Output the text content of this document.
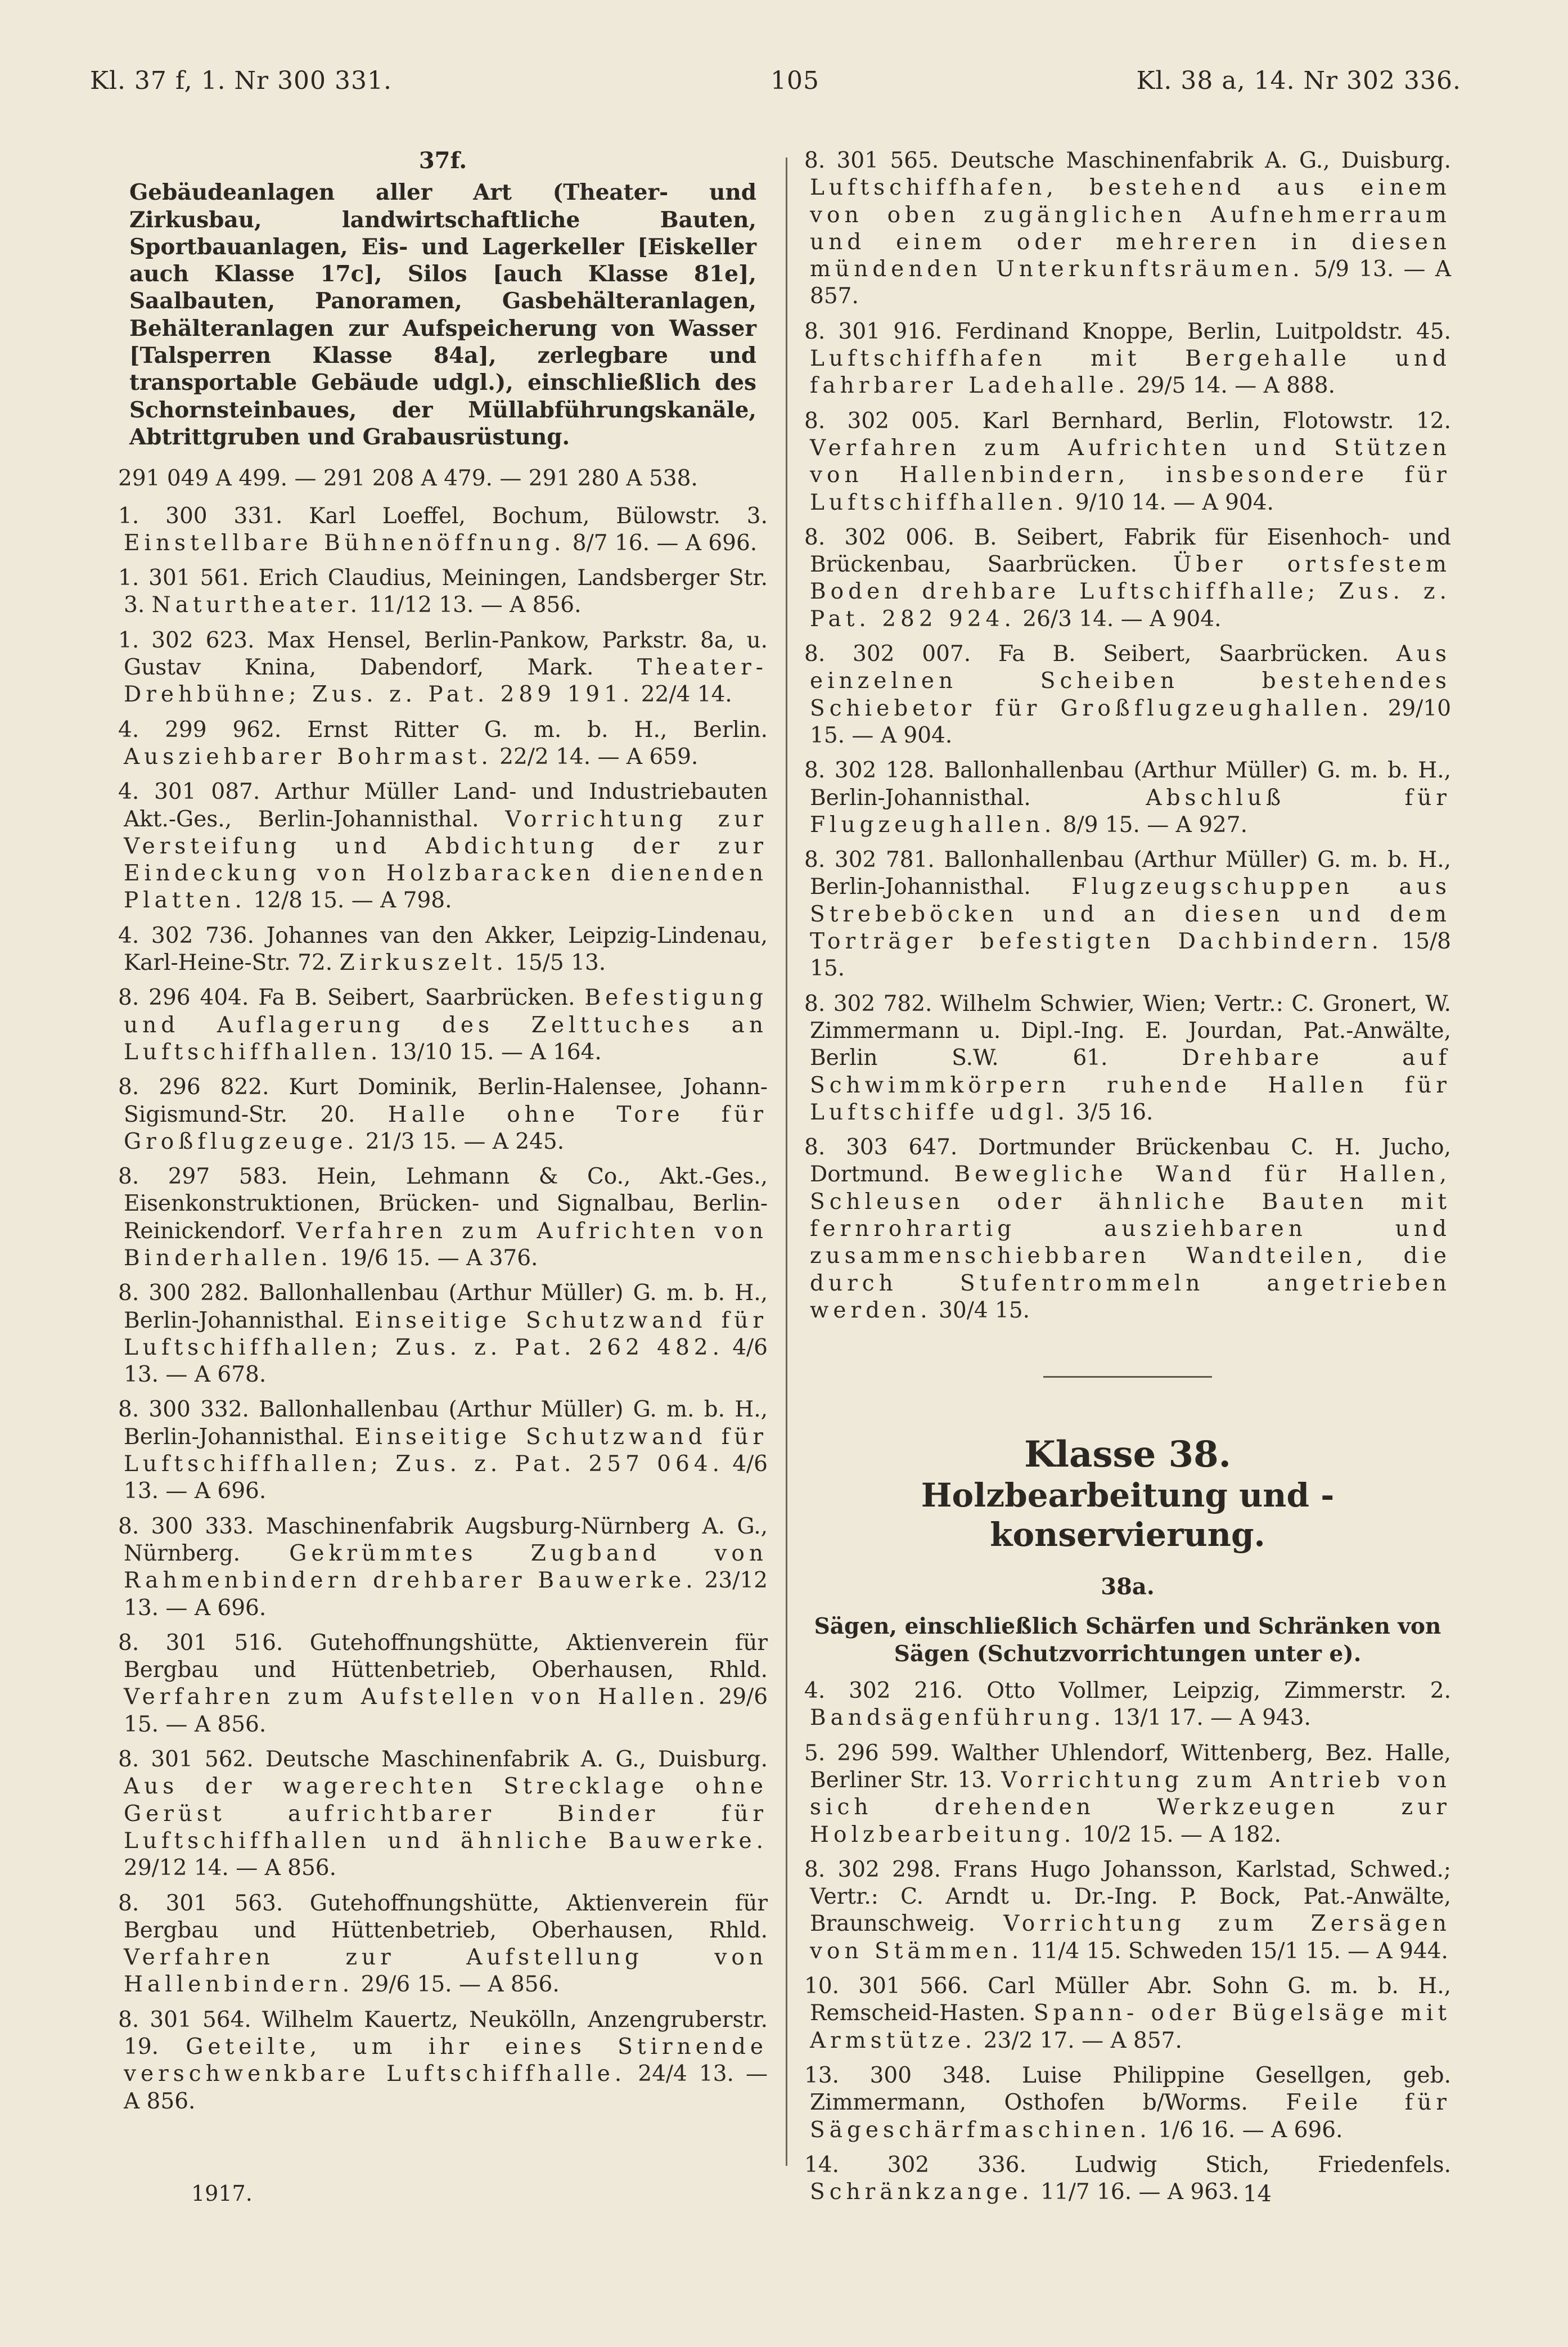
Kl. 37 f, 1. Nr 300 331.	105	Kl. 38 a, 14. Nr 302 336.
37f.
Gebäudeanlagen aller Art (Theater- und Zirkusbau, landwirtschaftliche Bauten, Sportbauanlagen, Eis- und Lagerkeller [Eiskeller auch Klasse 17c], Silos [auch Klasse 81e], Saalbauten, Panoramen, Gasbehälteranlagen, Behälteranlagen zur Aufspeicherung von Wasser [Talsperren Klasse 84a], zerlegbare und transportable Gebäude udgl.), einschließlich des Schornsteinbaues, der Müllabführungskanäle, Abtrittgruben und Grabausrüstung.
291 049 A 499. — 291 208 A 479. — 291 280 A 538.
1. 300 331. Karl Loeffel, Bochum, Bülowstr. 3. Einstellbare Bühnenöffnung. 8/7 16. — A 696.
1. 301 561. Erich Claudius, Meiningen, Landsberger Str. 3. Naturtheater. 11/12 13. — A 856.
1. 302 623. Max Hensel, Berlin-Pankow, Parkstr. 8a, u. Gustav Knina, Dabendorf, Mark. Theater-Drehbühne; Zus. z. Pat. 289 191. 22/4 14.
4. 299 962. Ernst Ritter G. m. b. H., Berlin. Ausziehbarer Bohrmast. 22/2 14. — A 659.
4. 301 087. Arthur Müller Land- und Industriebauten Akt.-Ges., Berlin-Johannisthal. Vorrichtung zur Versteifung und Abdichtung der zur Eindeckung von Holzbaracken dienenden Platten. 12/8 15. — A 798.
4. 302 736. Johannes van den Akker, Leipzig-Lindenau, Karl-Heine-Str. 72. Zirkuszelt. 15/5 13.
8. 296 404. Fa B. Seibert, Saarbrücken. Befestigung und Auflagerung des Zelttuches an Luftschiffhallen. 13/10 15. — A 164.
8. 296 822. Kurt Dominik, Berlin-Halensee, Johann-Sigismund-Str. 20. Halle ohne Tore für Großflugzeuge. 21/3 15. — A 245.
8. 297 583. Hein, Lehmann & Co., Akt.-Ges., Eisenkonstruktionen, Brücken- und Signalbau, Berlin-Reinickendorf. Verfahren zum Aufrichten von Binderhallen. 19/6 15. — A 376.
8. 300 282. Ballonhallenbau (Arthur Müller) G. m. b. H., Berlin-Johannisthal. Einseitige Schutzwand für Luftschiffhallen; Zus. z. Pat. 262 482. 4/6 13. — A 678.
8. 300 332. Ballonhallenbau (Arthur Müller) G. m. b. H., Berlin-Johannisthal. Einseitige Schutzwand für Luftschiffhallen; Zus. z. Pat. 257 064. 4/6 13. — A 696.
8. 300 333. Maschinenfabrik Augsburg-Nürnberg A. G., Nürnberg. Gekrümmtes Zugband von Rahmenbindern drehbarer Bauwerke. 23/12 13. — A 696.
8. 301 516. Gutehoffnungshütte, Aktienverein für Bergbau und Hüttenbetrieb, Oberhausen, Rhld. Verfahren zum Aufstellen von Hallen. 29/6 15. — A 856.
8. 301 562. Deutsche Maschinenfabrik A. G., Duisburg. Aus der wagerechten Strecklage ohne Gerüst aufrichtbarer Binder für Luftschiffhallen und ähnliche Bauwerke. 29/12 14. — A 856.
8. 301 563. Gutehoffnungshütte, Aktienverein für Bergbau und Hüttenbetrieb, Oberhausen, Rhld. Verfahren zur Aufstellung von Hallenbindern. 29/6 15. — A 856.
8. 301 564. Wilhelm Kauertz, Neukölln, Anzengruberstr. 19. Geteilte, um ihr eines Stirnende verschwenkbare Luftschiffhalle. 24/4 13. — A 856.
8. 301 565. Deutsche Maschinenfabrik A. G., Duisburg. Luftschiffhafen, bestehend aus einem von oben zugänglichen Aufnehmerraum und einem oder mehreren in diesen mündenden Unterkunftsräumen. 5/9 13. — A 857.
8. 301 916. Ferdinand Knoppe, Berlin, Luitpoldstr. 45. Luftschiffhafen mit Bergehalle und fahrbarer Ladehalle. 29/5 14. — A 888.
8. 302 005. Karl Bernhard, Berlin, Flotowstr. 12. Verfahren zum Aufrichten und Stützen von Hallenbindern, insbesondere für Luftschiffhallen. 9/10 14. — A 904.
8. 302 006. B. Seibert, Fabrik für Eisenhoch- und Brückenbau, Saarbrücken. Über ortsfestem Boden drehbare Luftschiffhalle; Zus. z. Pat. 282 924. 26/3 14. — A 904.
8. 302 007. Fa B. Seibert, Saarbrücken. Aus einzelnen Scheiben bestehendes Schiebetor für Großflugzeughallen. 29/10 15. — A 904.
8. 302 128. Ballonhallenbau (Arthur Müller) G. m. b. H., Berlin-Johannisthal.	Abschluß für Flugzeughallen. 8/9 15. — A 927.
8. 302 781. Ballonhallenbau (Arthur Müller) G. m. b. H., Berlin-Johannisthal. Flugzeugschuppen aus Strebeböcken und an diesen und dem Torträger befestigten Dachbindern. 15/8 15.
8. 302 782. Wilhelm Schwier, Wien; Vertr.: C. Gronert, W. Zimmermann u. Dipl.-Ing. E. Jourdan, Pat.-Anwälte, Berlin S.W. 61.	Drehbare auf Schwimmkörpern ruhende Hallen für Luftschiffe udgl. 3/5 16.
8. 303 647. Dortmunder Brückenbau C. H. Jucho, Dortmund. Bewegliche Wand für Hallen, Schleusen oder ähnliche Bauten mit fernrohrartig ausziehbaren und zusammenschiebbaren Wandteilen, die durch Stufentrommeln angetrieben werden. 30/4 15.
Klasse 38.
Holzbearbeitung und -konservierung.
38a.
Sägen, einschließlich Schärfen und Schränken von Sägen (Schutzvorrichtungen unter e).
4. 302 216. Otto Vollmer, Leipzig, Zimmerstr. 2. Bandsägenführung. 13/1 17. — A 943.
5. 296 599. Walther Uhlendorf, Wittenberg, Bez. Halle, Berliner Str. 13. Vorrichtung zum Antrieb von sich drehenden Werkzeugen zur Holzbearbeitung. 10/2 15. — A 182.
8. 302 298. Frans Hugo Johansson, Karlstad, Schwed.; Vertr.: C. Arndt u. Dr.-Ing. P. Bock, Pat.-Anwälte, Braunschweig. Vorrichtung zum Zersägen von Stämmen. 11/4 15. Schweden 15/1 15. — A 944.
10. 301 566. Carl Müller Abr. Sohn G. m. b. H., Remscheid-Hasten. Spann- oder Bügelsäge mit Armstütze. 23/2 17. — A 857.
13. 300 348. Luise Philippine Gesellgen, geb. Zimmermann, Osthofen b/Worms. Feile für Sägeschärfmaschinen. 1/6 16. — A 696.
14. 302 336. Ludwig Stich, Friedenfels. Schränkzange. 11/7 16. — A 963.
1917.	14
